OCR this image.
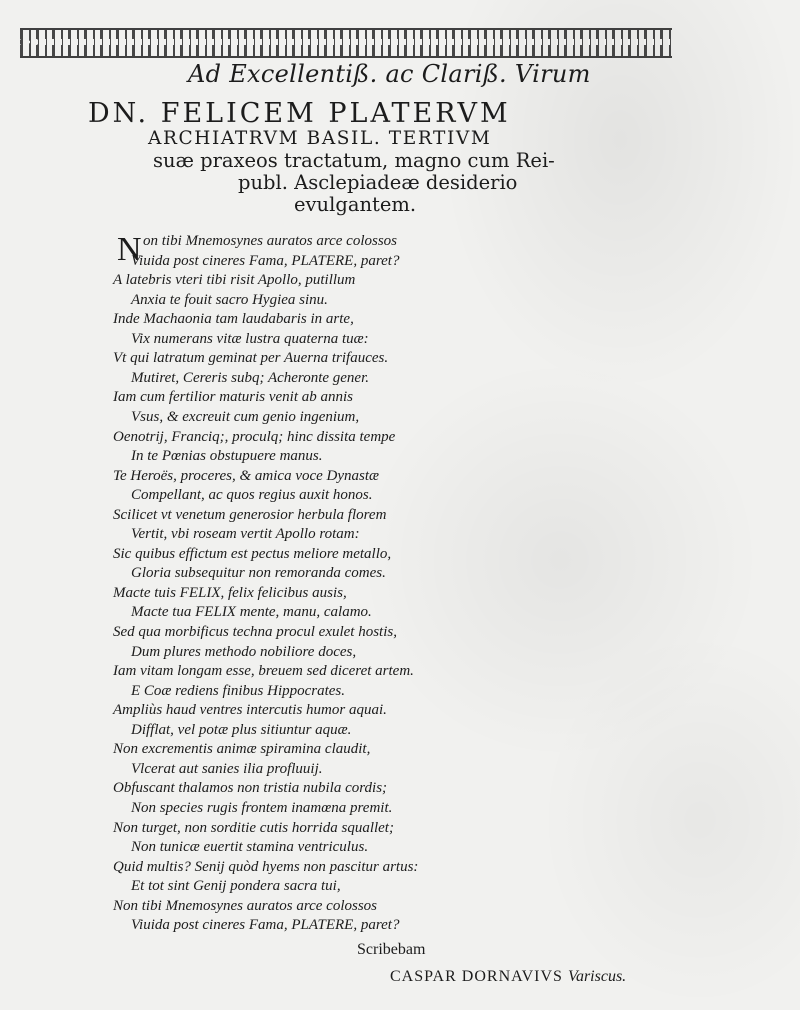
Ad Excellentiß. ac Clariß. Virum
DN. FELICEM PLATERVM
ARCHIATRVM BASIL. TERTIVM
suæ praxeos tractatum, magno cum Rei-
publ. Asclepiadeæ desiderio
evulgantem.
N on tibi Mnemosynes auratos arce colossos
Viuida post cineres Fama, PLATERE, paret?
A latebris vteri tibi risit Apollo, putillum
Anxia te fouit sacro Hygiea sinu.
Inde Machaonia tam laudabaris in arte,
Vix numerans vitæ lustra quaterna tuæ:
Vt qui latratum geminat per Auerna trifauces.
Mutiret, Cereris subq; Acheronte gener.
Iam cum fertilior maturis venit ab annis
Vsus, & excreuit cum genio ingenium,
Oenotrij, Franciq;, proculq; hinc dissita tempe
In te Pœnias obstupuere manus.
Te Heroës, proceres, & amica voce Dynastæ
Compellant, ac quos regius auxit honos.
Scilicet vt venetum generosior herbula florem
Vertit, vbi roseam vertit Apollo rotam:
Sic quibus effictum est pectus meliore metallo,
Gloria subsequitur non remoranda comes.
Macte tuis FELIX, felix felicibus ausis,
Macte tua FELIX mente, manu, calamo.
Sed qua morbificus techna procul exulet hostis,
Dum plures methodo nobiliore doces,
Iam vitam longam esse, breuem sed diceret artem.
E Coæ rediens finibus Hippocrates.
Ampliùs haud ventres intercutis humor aquai.
Difflat, vel potæ plus sitiuntur aquæ.
Non excrementis animæ spiramina claudit,
Vlcerat aut sanies ilia profluuij.
Obfuscant thalamos non tristia nubila cordis;
Non species rugis frontem inamœna premit.
Non turget, non sorditie cutis horrida squallet;
Non tunicæ euertit stamina ventriculus.
Quid multis? Senij quòd hyems non pascitur artus:
Et tot sint Genij pondera sacra tui,
Non tibi Mnemosynes auratos arce colossos
Viuida post cineres Fama, PLATERE, paret?
Scribebam
CASPAR DORNAVIVS Variscus.
